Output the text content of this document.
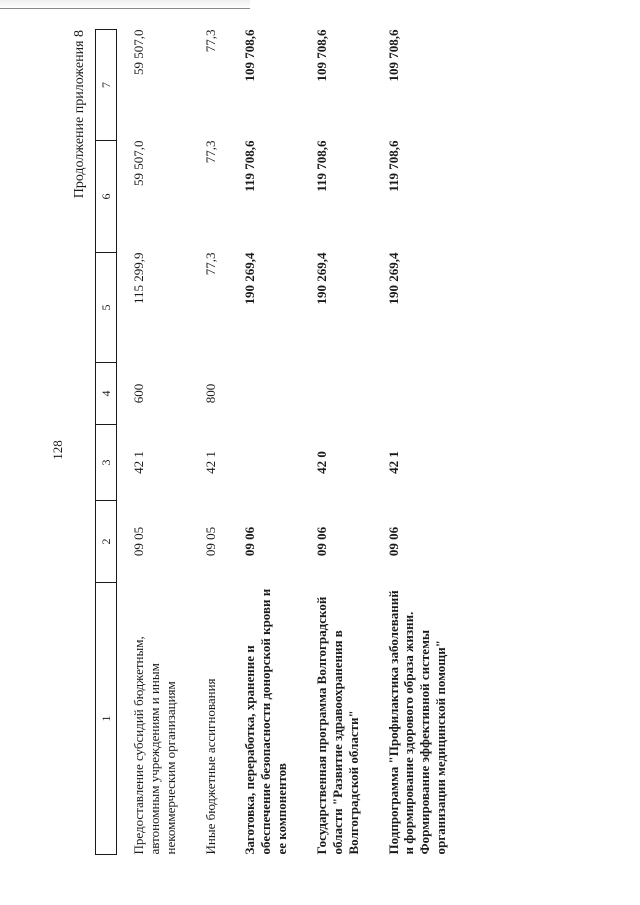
128
Продолжение приложения 8
1	2	3	4	5	6	7
Предоставление субсидий бюджетным, автономным учреждениям и иным некоммерческим организациям	09 05	42 1	600	115 299,9	59 507,0	59 507,0
Иные бюджетные ассигнования	09 05	42 1	800	77,3	77,3	77,3
Заготовка, переработка, хранение и обеспечение безопасности донорской крови и ее компонентов	09 06			190 269,4	119 708,6	109 708,6
Государственная программа Волгоградской области "Развитие здравоохранения в Волгоградской области"	09 06	42 0		190 269,4	119 708,6	109 708,6
Подпрограмма "Профилактика заболеваний и формирование здорового образа жизни. Формирование эффективной системы организации медицинской помощи"	09 06	42 1		190 269,4	119 708,6	109 708,6
